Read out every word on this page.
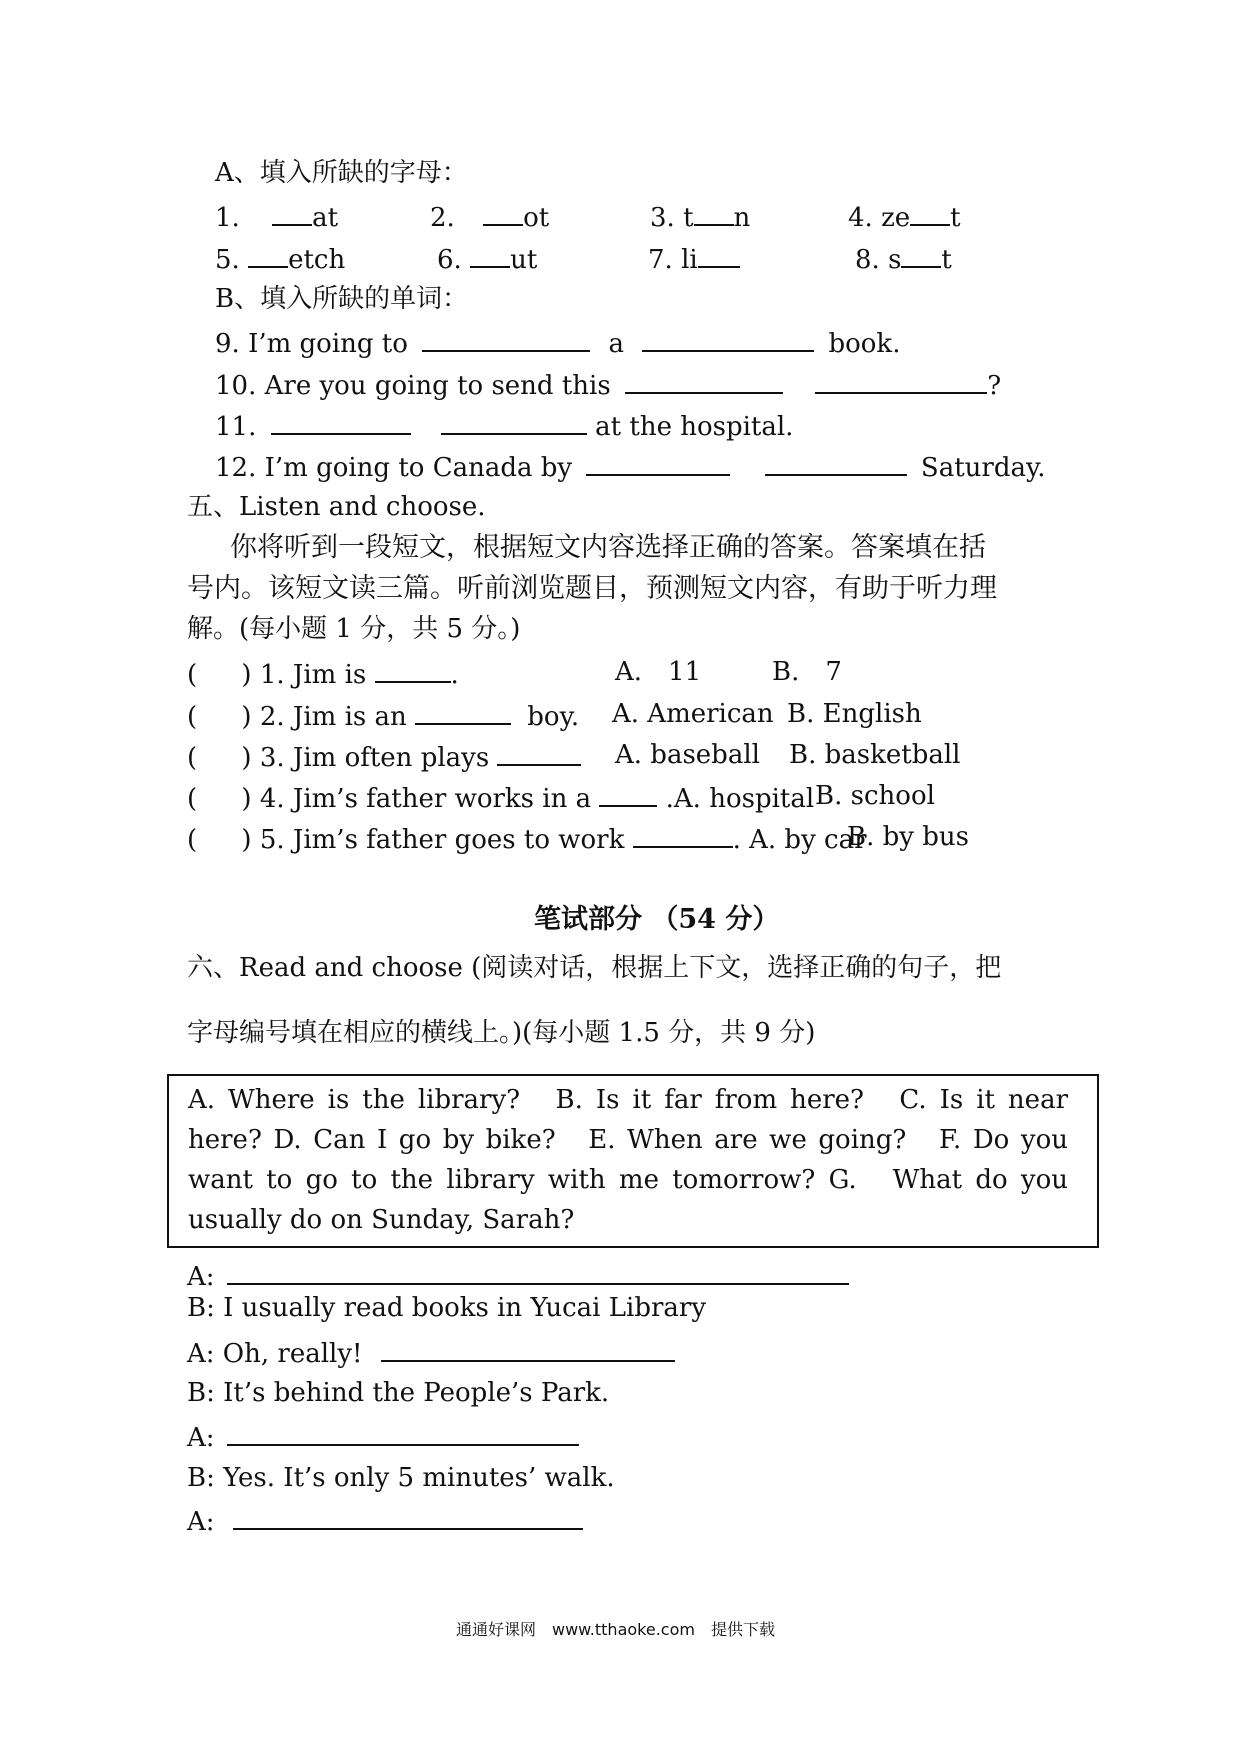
A、填入所缺的字母：
1.	at	2.	ot	3. t n	4. ze t
5. etch	6. ut	7. li	8. s t
B、填入所缺的单词：
9. I’m going to	a	book.
10. Are you going to send this	?
11.	at the hospital.
12. I’m going to Canada by	Saturday.
五、Listen and choose.
你将听到一段短文，根据短文内容选择正确的答案。答案填在括
号内。该短文读三篇。听前浏览题目，预测短文内容，有助于听力理
解。(每小题 1 分，共 5 分。)
( ) 1. Jim is	.	A.　11	B.　7
( ) 2. Jim is an	boy. A. American B. English
( ) 3. Jim often plays	A. baseball B. basketball
( ) 4. Jim’s father works in a	.A. hospital B. school
( ) 5. Jim’s father goes to work	. A. by car
B. by bus
笔试部分 （54 分）
六、Read and choose (阅读对话，根据上下文，选择正确的句子，把
字母编号填在相应的横线上。)(每小题 1.5 分，共 9 分)
A. Where is the library?　B. Is it far from here?　C. Is it near here? D. Can I go by bike?　E. When are we going?　F. Do you want to go to the library with me tomorrow? G.　What do you usually do on Sunday, Sarah?
A:
B: I usually read books in Yucai Library
A: Oh, really!
B: It’s behind the People’s Park.
A:
B: Yes. It’s only 5 minutes’ walk.
A:
通通好课网　www.tthaoke.com　提供下载
